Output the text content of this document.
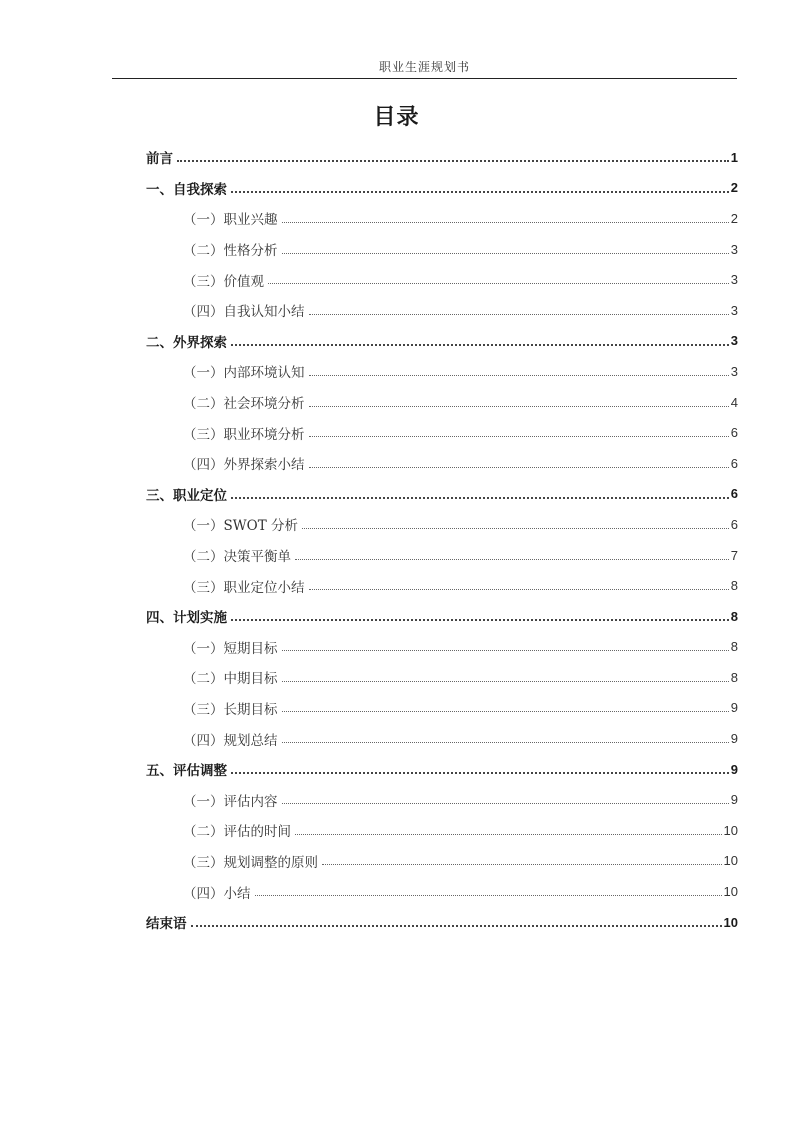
职业生涯规划书
目录
前言	1
一、自我探索	2
（一）职业兴趣	2
（二）性格分析	3
（三）价值观	3
（四）自我认知小结	3
二、外界探索	3
（一）内部环境认知	3
（二）社会环境分析	4
（三）职业环境分析	6
（四）外界探索小结	6
三、职业定位	6
（一）SWOT 分析	6
（二）决策平衡单	7
（三）职业定位小结	8
四、计划实施	8
（一）短期目标	8
（二）中期目标	8
（三）长期目标	9
（四）规划总结	9
五、评估调整	9
（一）评估内容	9
（二）评估的时间	10
（三）规划调整的原则	10
（四）小结	10
结束语	10
